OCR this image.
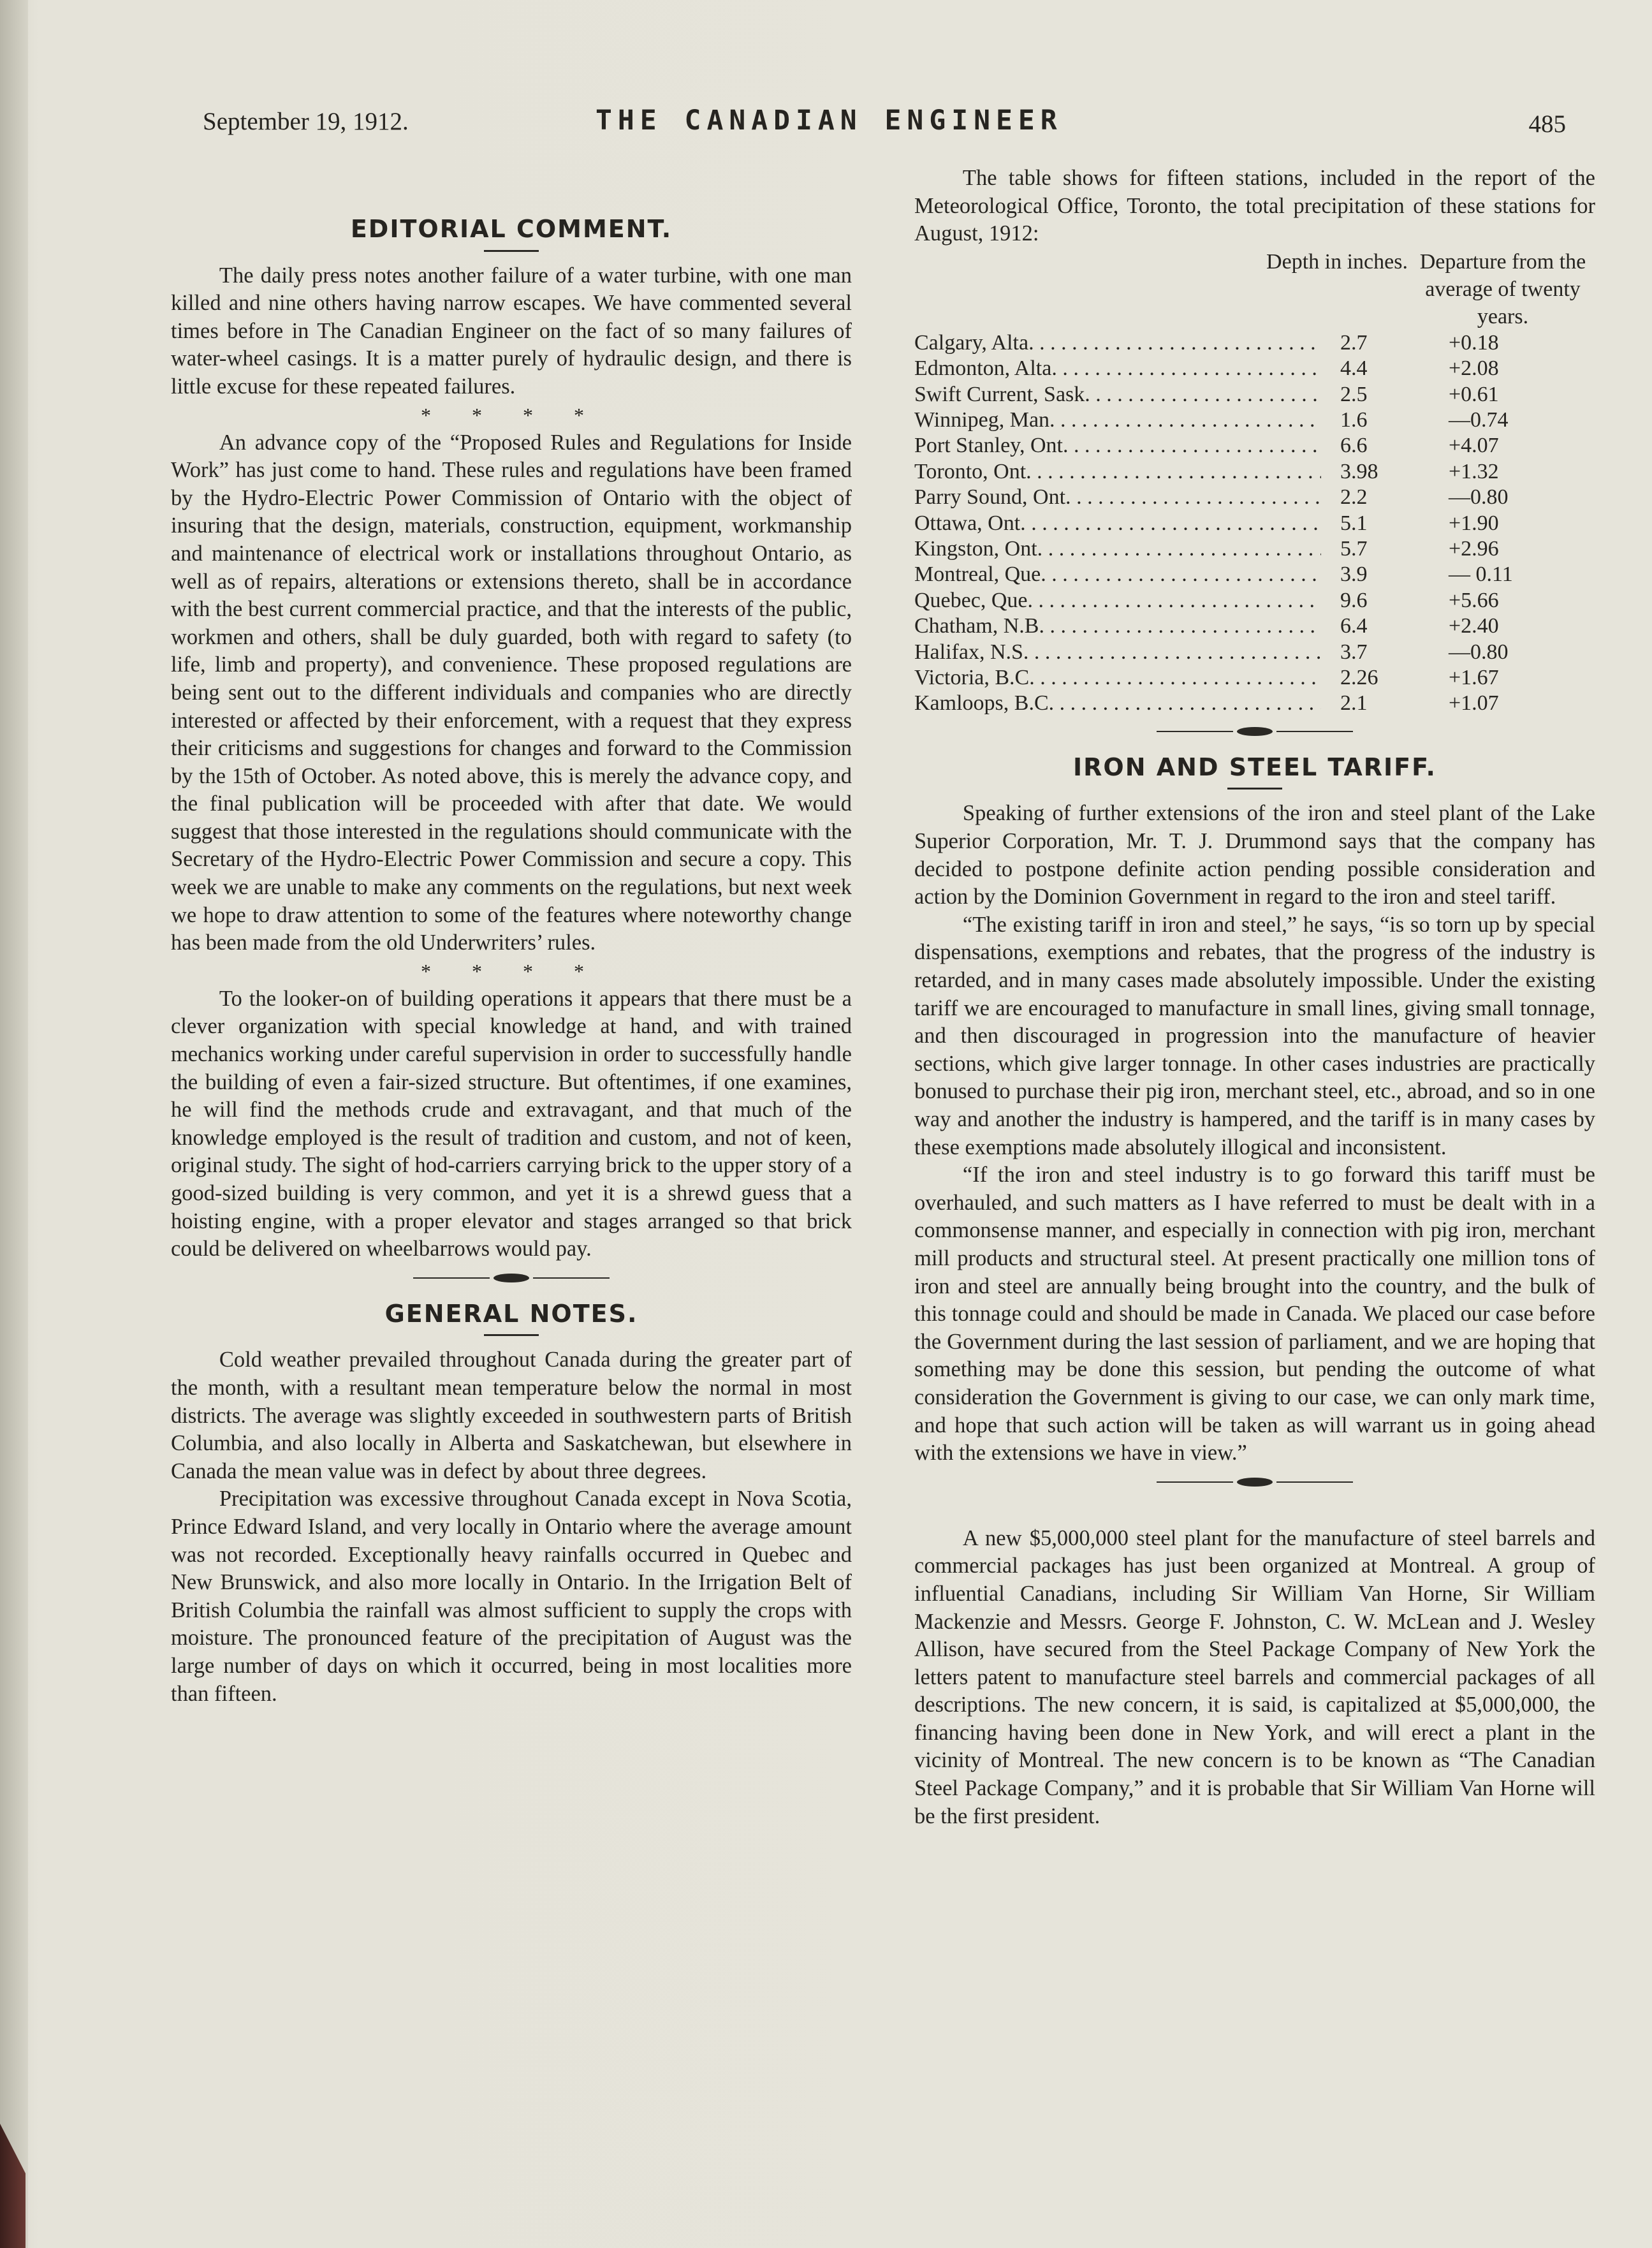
September 19, 1912.	THE CANADIAN ENGINEER	485
EDITORIAL COMMENT.

The daily press notes another failure of a water turbine, with one man killed and nine others having narrow escapes. We have commented several times before in The Canadian Engineer on the fact of so many failures of water-wheel casings. It is a matter purely of hydraulic design, and there is little excuse for these repeated failures.

* * * *

An advance copy of the “Proposed Rules and Regulations for Inside Work” has just come to hand. These rules and regulations have been framed by the Hydro-Electric Power Commission of Ontario with the object of insuring that the design, materials, construction, equipment, workmanship and maintenance of electrical work or installations throughout Ontario, as well as of repairs, alterations or extensions thereto, shall be in accordance with the best current commercial practice, and that the interests of the public, workmen and others, shall be duly guarded, both with regard to safety (to life, limb and property), and convenience. These proposed regulations are being sent out to the different individuals and companies who are directly interested or affected by their enforcement, with a request that they express their criticisms and suggestions for changes and forward to the Commission by the 15th of October. As noted above, this is merely the advance copy, and the final publication will be proceeded with after that date. We would suggest that those interested in the regulations should communicate with the Secretary of the Hydro-Electric Power Commission and secure a copy. This week we are unable to make any comments on the regulations, but next week we hope to draw attention to some of the features where noteworthy change has been made from the old Underwriters’ rules.

* * * *

To the looker-on of building operations it appears that there must be a clever organization with special knowledge at hand, and with trained mechanics working under careful supervision in order to successfully handle the building of even a fair-sized structure. But oftentimes, if one examines, he will find the methods crude and extravagant, and that much of the knowledge employed is the result of tradition and custom, and not of keen, original study. The sight of hod-carriers carrying brick to the upper story of a good-sized building is very common, and yet it is a shrewd guess that a hoisting engine, with a proper elevator and stages arranged so that brick could be delivered on wheelbarrows would pay.

GENERAL NOTES.

Cold weather prevailed throughout Canada during the greater part of the month, with a resultant mean temperature below the normal in most districts. The average was slightly exceeded in southwestern parts of British Columbia, and also locally in Alberta and Saskatchewan, but elsewhere in Canada the mean value was in defect by about three degrees.

Precipitation was excessive throughout Canada except in Nova Scotia, Prince Edward Island, and very locally in Ontario where the average amount was not recorded. Exceptionally heavy rainfalls occurred in Quebec and New Brunswick, and also more locally in Ontario. In the Irrigation Belt of British Columbia the rainfall was almost sufficient to supply the crops with moisture. The pronounced feature of the precipitation of August was the large number of days on which it occurred, being in most localities more than fifteen.

The table shows for fifteen stations, included in the report of the Meteorological Office, Toronto, the total precipitation of these stations for August, 1912:

Depth in inches. Departure from the average of twenty years.
Calgary, Alta. . . .	2.7	+0.18
Edmonton, Alta. . . .	4.4	+2.08
Swift Current, Sask. . . .	2.5	+0.61
Winnipeg, Man. . . .	1.6	—0.74
Port Stanley, Ont. . . .	6.6	+4.07
Toronto, Ont. . . .	3.98	+1.32
Parry Sound, Ont. . . .	2.2	—0.80
Ottawa, Ont. . . .	5.1	+1.90
Kingston, Ont. . . .	5.7	+2.96
Montreal, Que. . . .	3.9	— 0.11
Quebec, Que. . . .	9.6	+5.66
Chatham, N.B. . . .	6.4	+2.40
Halifax, N.S. . . .	3.7	—0.80
Victoria, B.C. . . .	2.26	+1.67
Kamloops, B.C. . . .	2.1	+1.07
IRON AND STEEL TARIFF.

Speaking of further extensions of the iron and steel plant of the Lake Superior Corporation, Mr. T. J. Drummond says that the company has decided to postpone definite action pending possible consideration and action by the Dominion Government in regard to the iron and steel tariff.

“The existing tariff in iron and steel,” he says, “is so torn up by special dispensations, exemptions and rebates, that the progress of the industry is retarded, and in many cases made absolutely impossible. Under the existing tariff we are encouraged to manufacture in small lines, giving small tonnage, and then discouraged in progression into the manufacture of heavier sections, which give larger tonnage. In other cases industries are practically bonused to purchase their pig iron, merchant steel, etc., abroad, and so in one way and another the industry is hampered, and the tariff is in many cases by these exemptions made absolutely illogical and inconsistent.

“If the iron and steel industry is to go forward this tariff must be overhauled, and such matters as I have referred to must be dealt with in a commonsense manner, and especially in connection with pig iron, merchant mill products and structural steel. At present practically one million tons of iron and steel are annually being brought into the country, and the bulk of this tonnage could and should be made in Canada. We placed our case before the Government during the last session of parliament, and we are hoping that something may be done this session, but pending the outcome of what consideration the Government is giving to our case, we can only mark time, and hope that such action will be taken as will warrant us in going ahead with the extensions we have in view.”

A new $5,000,000 steel plant for the manufacture of steel barrels and commercial packages has just been organized at Montreal. A group of influential Canadians, including Sir William Van Horne, Sir William Mackenzie and Messrs. George F. Johnston, C. W. McLean and J. Wesley Allison, have secured from the Steel Package Company of New York the letters patent to manufacture steel barrels and commercial packages of all descriptions. The new concern, it is said, is capitalized at $5,000,000, the financing having been done in New York, and will erect a plant in the vicinity of Montreal. The new concern is to be known as “The Canadian Steel Package Company,” and it is probable that Sir William Van Horne will be the first president.
